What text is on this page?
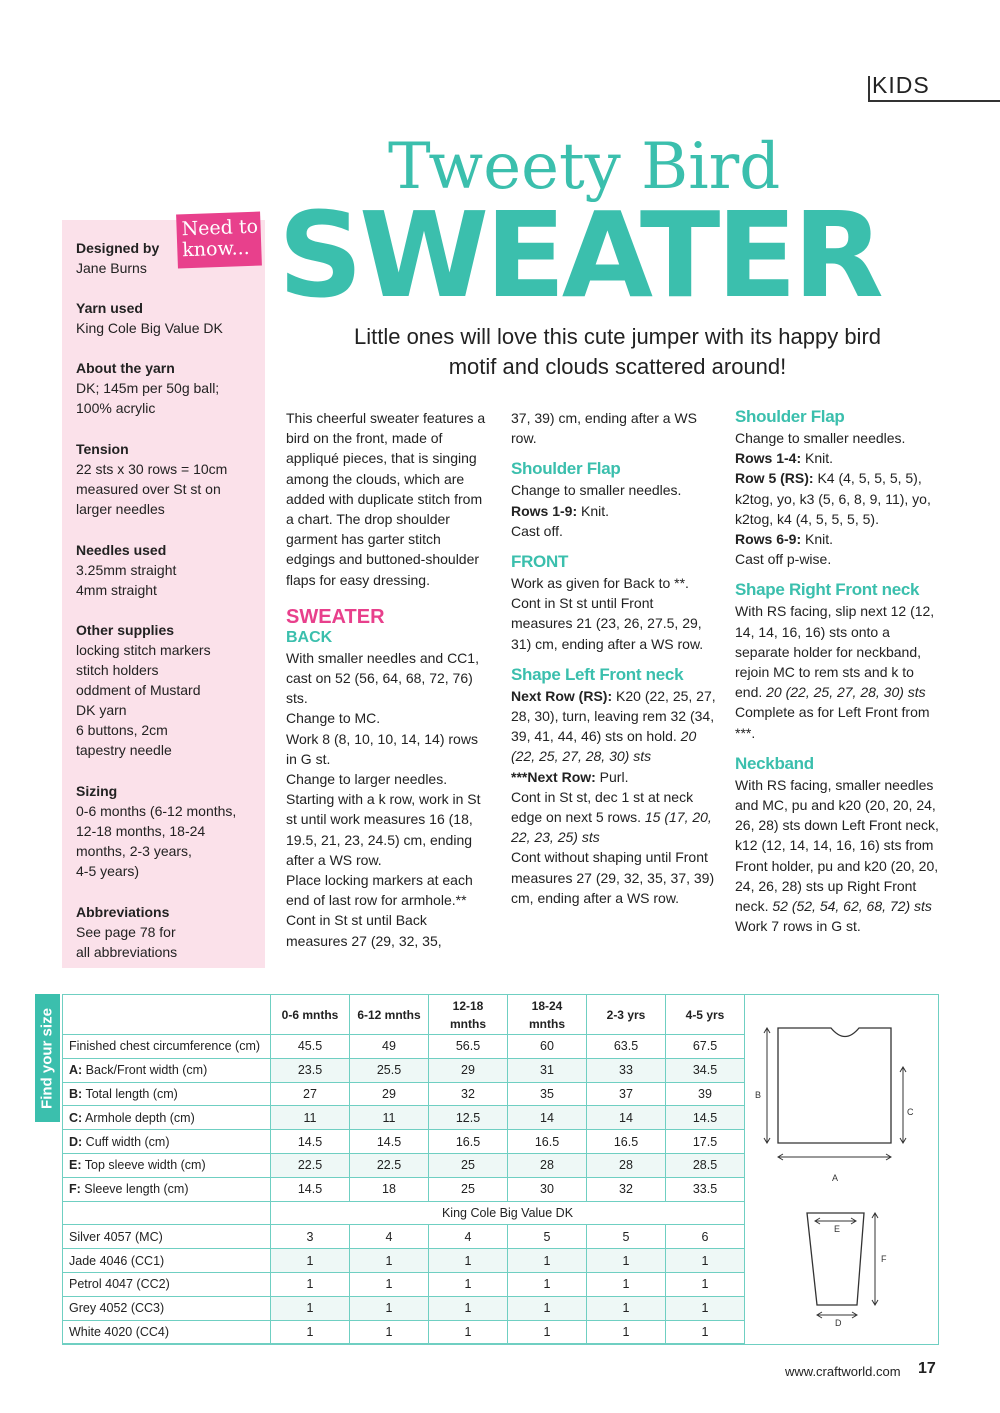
KIDS
Tweety Bird
SWEATER
Little ones will love this cute jumper with its happy bird motif and clouds scattered around!
Need to know...
Designed by
Jane Burns
Yarn used
King Cole Big Value DK
About the yarn
DK; 145m per 50g ball;
100% acrylic
Tension
22 sts x 30 rows = 10cm
measured over St st on
larger needles
Needles used
3.25mm straight
4mm straight
Other supplies
locking stitch markers
stitch holders
oddment of Mustard
DK yarn
6 buttons, 2cm
tapestry needle
Sizing
0-6 months (6-12 months,
12-18 months, 18-24
months, 2-3 years,
4-5 years)
Abbreviations
See page 78 for
all abbreviations

This cheerful sweater features a bird on the front, made of appliqué pieces, that is singing among the clouds, which are added with duplicate stitch from a chart. The drop shoulder garment has garter stitch edgings and buttoned-shoulder flaps for easy dressing.

SWEATER
BACK

With smaller needles and CC1, cast on 52 (56, 64, 68, 72, 76) sts.

Change to MC.

Work 8 (8, 10, 10, 14, 14) rows in G st.

Change to larger needles.

Starting with a k row, work in St st until work measures 16 (18, 19.5, 21, 23, 24.5) cm, ending after a WS row.

Place locking markers at each end of last row for armhole.**

Cont in St st until Back measures 27 (29, 32, 35,

37, 39) cm, ending after a WS row.

Shoulder Flap

Change to smaller needles.

Rows 1-9: Knit.

Cast off.

FRONT

Work as given for Back to **. Cont in St st until Front measures 21 (23, 26, 27.5, 29, 31) cm, ending after a WS row.

Shape Left Front neck

Next Row (RS): K20 (22, 25, 27, 28, 30), turn, leaving rem 32 (34, 39, 41, 44, 46) sts on hold. 20 (22, 25, 27, 28, 30) sts

***Next Row: Purl.

Cont in St st, dec 1 st at neck edge on next 5 rows. 15 (17, 20, 22, 23, 25) sts

Cont without shaping until Front measures 27 (29, 32, 35, 37, 39) cm, ending after a WS row.

Shoulder Flap

Change to smaller needles.

Rows 1-4: Knit.

Row 5 (RS): K4 (4, 5, 5, 5, 5), k2tog, yo, k3 (5, 6, 8, 9, 11), yo, k2tog, k4 (4, 5, 5, 5, 5).

Rows 6-9: Knit.

Cast off p-wise.

Shape Right Front neck

With RS facing, slip next 12 (12, 14, 14, 16, 16) sts onto a separate holder for neckband, rejoin MC to rem sts and k to end. 20 (22, 25, 27, 28, 30) sts

Complete as for Left Front from ***.

Neckband

With RS facing, smaller needles and MC, pu and k20 (20, 20, 24, 26, 28) sts down Left Front neck, k12 (12, 14, 14, 16, 16) sts from Front holder, pu and k20 (20, 20, 24, 26, 28) sts up Right Front neck. 52 (52, 54, 62, 68, 72) sts

Work 7 rows in G st.

Find your size
		0-6 mnths	6-12 mnths	12-18 mnths	18-24 mnths	2-3 yrs	4-5 yrs
Finished chest circumference (cm)	45.5	49	56.5	60	63.5	67.5
A: Back/Front width (cm)	23.5	25.5	29	31	33	34.5
B: Total length (cm)	27	29	32	35	37	39
C: Armhole depth (cm)	11	11	12.5	14	14	14.5
D: Cuff width (cm)	14.5	14.5	16.5	16.5	16.5	17.5
E: Top sleeve width (cm)	22.5	22.5	25	28	28	28.5
F: Sleeve length (cm)	14.5	18	25	30	32	33.5
	King Cole Big Value DK					
Silver 4057 (MC)	3	4	4	5	5	6
Jade 4046 (CC1)	1	1	1	1	1	1
Petrol 4047 (CC2)	1	1	1	1	1	1
Grey 4052 (CC3)	1	1	1	1	1	1
White 4020 (CC4)	1	1	1	1	1	1
B
C
A
E
F
D
www.craftworld.com 17
